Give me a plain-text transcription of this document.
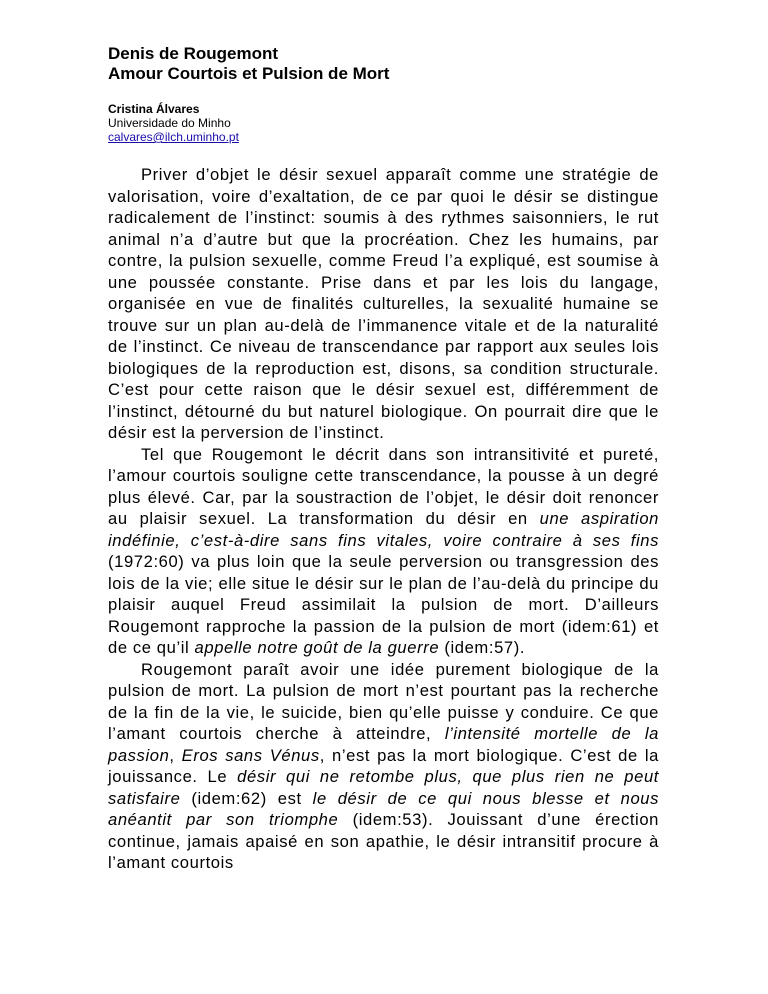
Denis de Rougemont
Amour Courtois et Pulsion de Mort
Cristina Álvares
Universidade do Minho
calvares@ilch.uminho.pt

Priver d’objet le désir sexuel apparaît comme une stratégie de valorisation, voire d’exaltation, de ce par quoi le désir se distingue radicalement de l’instinct: soumis à des rythmes saisonniers, le rut animal n’a d’autre but que la procréation. Chez les humains, par contre, la pulsion sexuelle, comme Freud l’a expliqué, est soumise à une poussée constante. Prise dans et par les lois du langage, organisée en vue de finalités culturelles, la sexualité humaine se trouve sur un plan au-delà de l’immanence vitale et de la naturalité de l’instinct. Ce niveau de transcendance par rapport aux seules lois biologiques de la reproduction est, disons, sa condition structurale. C’est pour cette raison que le désir sexuel est, différemment de l’instinct, détourné du but naturel biologique. On pourrait dire que le désir est la perversion de l’instinct.

Tel que Rougemont le décrit dans son intransitivité et pureté, l’amour courtois souligne cette transcendance, la pousse à un degré plus élevé. Car, par la soustraction de l’objet, le désir doit renoncer au plaisir sexuel. La transformation du désir en une aspiration indéfinie, c’est-à-dire sans fins vitales, voire contraire à ses fins (1972:60) va plus loin que la seule perversion ou transgression des lois de la vie; elle situe le désir sur le plan de l’au-delà du principe du plaisir auquel Freud assimilait la pulsion de mort. D’ailleurs Rougemont rapproche la passion de la pulsion de mort (idem:61) et de ce qu’il appelle notre goût de la guerre (idem:57).

Rougemont paraît avoir une idée purement biologique de la pulsion de mort. La pulsion de mort n’est pourtant pas la recherche de la fin de la vie, le suicide, bien qu’elle puisse y conduire. Ce que l’amant courtois cherche à atteindre, l’intensité mortelle de la passion, Eros sans Vénus, n’est pas la mort biologique. C’est de la jouissance. Le désir qui ne retombe plus, que plus rien ne peut satisfaire (idem:62) est le désir de ce qui nous blesse et nous anéantit par son triomphe (idem:53). Jouissant d’une érection continue, jamais apaisé en son apathie, le désir intransitif procure à l’amant courtois
